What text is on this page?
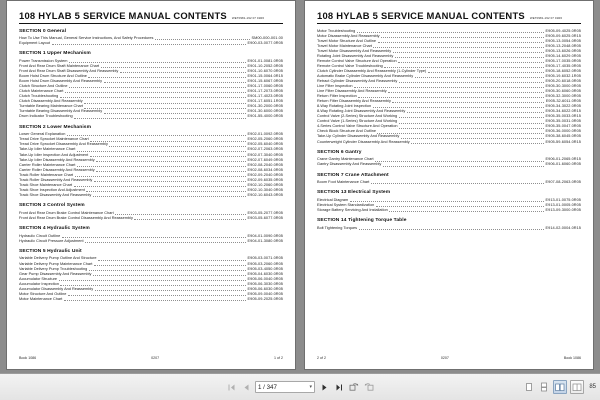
108 HYLAB 5 SERVICE MANUAL CONTENTS WET0981-192 07 01R0
SECTION 0 General
How To Use This Manual, General Service Instructions, And Safety Procedures	SM00-000-001.00
Equipment Layout	E900-03-0077.0R05
SECTION 1 Upper Mechanism
Power Transmission System	E901-01-0081.0R05
Front And Rear Drum Shaft Maintenance Chart	E901-10-2052.0R05
Front And Rear Drum Shaft Disassembly And Reassembly	E901-10-6070.0R05
Boom Hoist Drum Structure And Outline	E901-15-0064.0R15
Boom Hoist Drum Disassembly And Reassembly	E901-15-6067.0R05
Clutch Structure And Outline	E901-17-0060.0R05
Clutch Maintenance Chart	E901-17-2073.0R05
Clutch Troubleshooting	E901-17-4023.0R05
Clutch Disassembly And Reassembly	E901-17-6051.1R05
Turntable Bearing Maintenance Chart	E901-30-2000.0R05
Turntable Bearing Disassembly And Reassembly	E901-30-6000.0R05
Drum Indicator Troubleshooting	E901-55-4000.0R05
SECTION 2 Lower Mechanism
Lower General Explanation	E902-01-0092.0R05
Tread Drive Sprocket Maintenance Chart	E902-05-2060.0R05
Tread Drive Sprocket Disassembly And Reassembly	E902-05-6040.0R05
Take-Up Idler Maintenance Chart	E902-07-2063.0R05
Take-Up Idler Inspection And Adjustment	E902-07-3040.0R05
Take-Up Idler Disassembly And Reassembly	E902-07-6049.0R05
Carrier Roller Maintenance Chart	E902-08-2040.0R05
Carrier Roller Disassembly And Reassembly	E902-08-6034.0R05
Track Roller Maintenance Chart	E902-09-2040.0R05
Track Roller Disassembly And Reassembly	E902-09-6035.0R05
Track Shoe Maintenance Chart	E902-10-2060.0R05
Track Shoe Inspection And Adjustment	E902-10-3040.0R05
Track Shoe Disassembly And Reassembly	E902-10-6043.0R05
SECTION 3 Control System
Front And Rear Drum Brake Control Maintenance Chart	E903-05-2077.0R05
Front And Rear Drum Brake Control Disassembly And Reassembly	E903-05-6077.0R05
SECTION 4 Hydraulic System
Hydraulic Circuit Outline	E904-01-0090.0R05
Hydraulic Circuit Pressure Adjustment	E904-01-3080.0R05
SECTION 5 Hydraulic Unit
Variable Delivery Pump Outline And Structure	E905-03-0071.0R05
Variable Delivery Pump Maintenance Chart	E905-03-2060.0R05
Variable Delivery Pump Troubleshooting	E905-03-4050.0R05
Gear Pump Disassembly And Reassembly	E905-04-6030.0R05
Accumulator Structure	E905-06-0040.0R05
Accumulator Inspection	E905-06-3030.0R05
Accumulator Disassembly And Reassembly	E905-06-6030.0R05
Motor Structure And Outline	E905-09-0040.0R05
Motor Maintenance Chart	E905-09-2025.0R05
Book 1086	0207	1 of 2
108 HYLAB 5 SERVICE MANUAL CONTENTS WET0981-192 07 01R0
Motor Troubleshooting	E905-09-4025.0R05
Motor Disassembly And Reassembly	E905-09-6025.0R15
Travel Motor Structure And Outline	E905-13-0054.0R05
Travel Motor Maintenance Chart	E905-13-2048.0R05
Travel Motor Disassembly And Reassembly	E905-13-6026.0R05
Rotating Joint Disassembly And Reassembly	E905-14-6029.0R05
Remote Control Valve Structure And Operation	E905-17-0035.0R05
Remote Control Valve Troubleshooting	E905-17-4035.0R05
Clutch Cylinder Disassembly And Reassembly (1-Cylinder Type)	E905-18-6052.0R05
Automatic Brake Cylinder Disassembly And Reassembly	E905-19-6032.1R05
Retract Cylinder Disassembly And Reassembly	E905-20-6018.0R05
Line Filter Inspection	E905-30-3000.0R05
Line Filter Disassembly And Reassembly	E905-30-6060.0R05
Return Filter Inspection	E905-32-3000.0R05
Return Filter Disassembly And Reassembly	E905-32-6011.0R05
8-Way Rotating Joint Inspection	E905-34-3022.0R05
8-Way Rotating Joint Disassembly And Reassembly	E905-34-6022.0R15
Control Valve (2-Series) Structure And Working	E905-35-0033.0R15
Control Valve (1-Series) Structure And Working	E905-35-0031.0R05
4-Series Control Valve Structure And Operation	E905-35-0047.0R05
Check Block Structure And Outline	E905-36-0000.0R05
Take-Up Cylinder Disassembly And Reassembly	E905-38-6045.0R05
Counterweight Cylinder Disassembly And Reassembly	E905-59-6054.0R15
SECTION 6 Gantry
Crane Gantry Maintenance Chart	E906-01-2065.0R15
Gantry Disassembly And Reassembly	E906-01-6060.0R05
SECTION 7 Crane Attachment
Boom Foot Maintenance Chart	E907-08-2063.0R05
SECTION 13 Electrical System
Electrical Diagram	E913-01-0075.0R05
Electrical System Standardization	E913-01-0005.0R05
Storage Battery Servicing And Installation	E913-09-3000.0R05
SECTION 14 Tightening Torque Table
Bolt Tightening Torques	E914-02-0004.0R15
2 of 2	0207	Book 1086
1 / 347	▾	85
